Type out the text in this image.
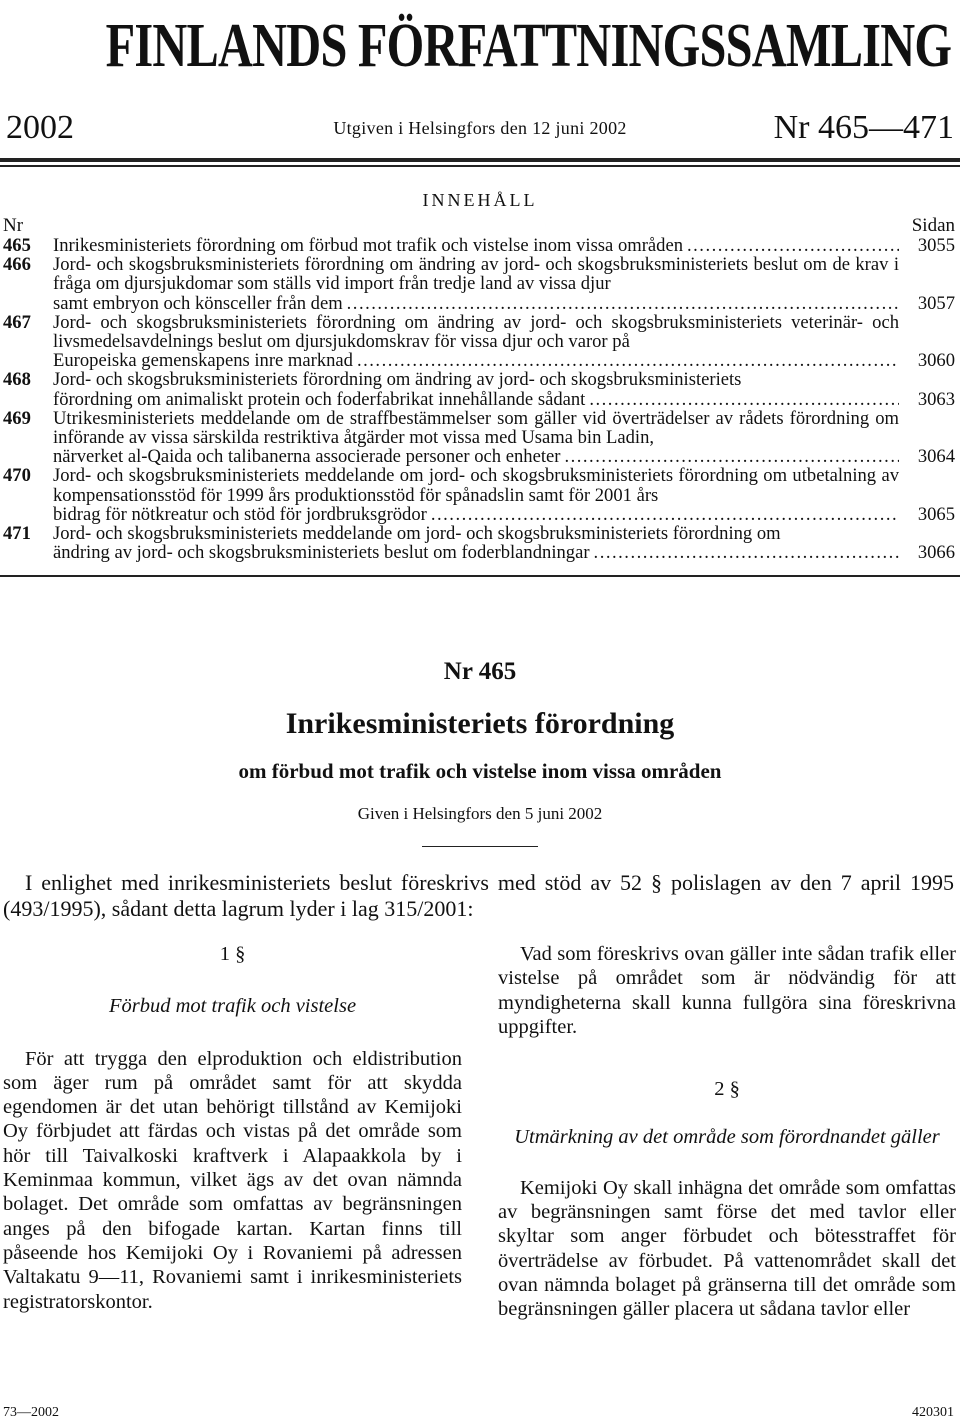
FINLANDS FÖRFATTNINGSSAMLING
2002	Utgiven i Helsingfors den 12 juni 2002	Nr 465—471
INNEHÅLL
Nr	Sidan
465 Inrikesministeriets förordning om förbud mot trafik och vistelse inom vissa områden .....	3055
466 Jord- och skogsbruksministeriets förordning om ändring av jord- och skogsbruksministeriets beslut om de krav i fråga om djursjukdomar som ställs vid import från tredje land av vissa djur
samt embryon och könsceller från dem .....	3057
467 Jord- och skogsbruksministeriets förordning om ändring av jord- och skogsbruksministeriets veterinär- och livsmedelsavdelnings beslut om djursjukdomskrav för vissa djur och varor på
Europeiska gemenskapens inre marknad .....	3060
468 Jord- och skogsbruksministeriets förordning om ändring av jord- och skogsbruksministeriets
förordning om animaliskt protein och foderfabrikat innehållande sådant .....	3063
469 Utrikesministeriets meddelande om de straffbestämmelser som gäller vid överträdelser av rådets förordning om införande av vissa särskilda restriktiva åtgärder mot vissa med Usama bin Ladin,
närverket al-Qaida och talibanerna associerade personer och enheter .....	3064
470 Jord- och skogsbruksministeriets meddelande om jord- och skogsbruksministeriets förordning om utbetalning av kompensationsstöd för 1999 års produktionsstöd för spånadslin samt för 2001 års
bidrag för nötkreatur och stöd för jordbruksgrödor .....	3065
471 Jord- och skogsbruksministeriets meddelande om jord- och skogsbruksministeriets förordning om
ändring av jord- och skogsbruksministeriets beslut om foderblandningar .....	3066
Nr 465
Inrikesministeriets förordning
om förbud mot trafik och vistelse inom vissa områden
Given i Helsingfors den 5 juni 2002

I enlighet med inrikesministeriets beslut föreskrivs med stöd av 52 § polislagen av den 7 april 1995 (493/1995), sådant detta lagrum lyder i lag 315/2001:

1 §

Förbud mot trafik och vistelse

För att trygga den elproduktion och eldistribution som äger rum på området samt för att skydda egendomen är det utan behörigt tillstånd av Kemijoki Oy förbjudet att färdas och vistas på det område som hör till Taivalkoski kraftverk i Alapaakkola by i Keminmaa kommun, vilket ägs av det ovan nämnda bolaget. Det område som omfattas av begränsningen anges på den bifogade kartan. Kartan finns till påseende hos Kemijoki Oy i Rovaniemi på adressen Valtakatu 9—11, Rovaniemi samt i inrikesministeriets registratorskontor.

Vad som föreskrivs ovan gäller inte sådan trafik eller vistelse på området som är nödvändig för att myndigheterna skall kunna fullgöra sina föreskrivna uppgifter.

2 §

Utmärkning av det område som förordnandet gäller

Kemijoki Oy skall inhägna det område som omfattas av begränsningen samt förse det med tavlor eller skyltar som anger förbudet och bötesstraffet för överträdelse av förbudet. På vattenområdet skall det ovan nämnda bolaget på gränserna till det område som begränsningen gäller placera ut sådana tavlor eller

73—2002	420301
